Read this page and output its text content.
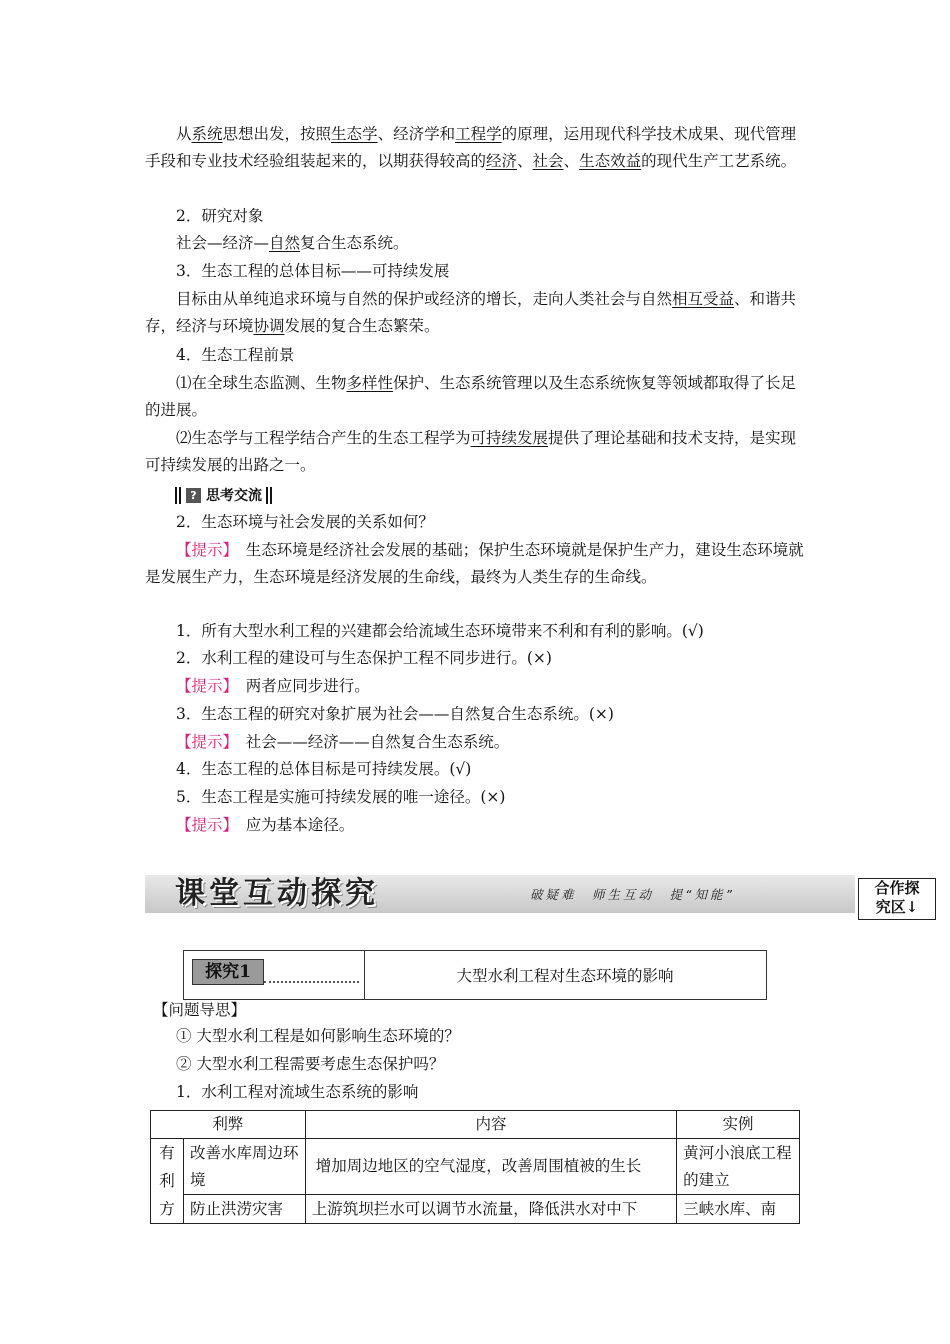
从系统思想出发，按照生态学、经济学和工程学的原理，运用现代科学技术成果、现代管理手段和专业技术经验组装起来的，以期获得较高的经济、社会、生态效益的现代生产工艺系统。

2．研究对象

社会—经济—自然复合生态系统。

3．生态工程的总体目标——可持续发展

目标由从单纯追求环境与自然的保护或经济的增长，走向人类社会与自然相互受益、和谐共存，经济与环境协调发展的复合生态繁荣。

4．生态工程前景

⑴在全球生态监测、生物多样性保护、生态系统管理以及生态系统恢复等领域都取得了长足的进展。

⑵生态学与工程学结合产生的生态工程学为可持续发展提供了理论基础和技术支持，是实现可持续发展的出路之一。

? 思考交流

2．生态环境与社会发展的关系如何？

【提示】　生态环境是经济社会发展的基础；保护生态环境就是保护生产力，建设生态环境就是发展生产力，生态环境是经济发展的生命线，最终为人类生存的生命线。

1．所有大型水利工程的兴建都会给流域生态环境带来不利和有利的影响。(√)

2．水利工程的建设可与生态保护工程不同步进行。(×)

【提示】　两者应同步进行。

3．生态工程的研究对象扩展为社会——自然复合生态系统。(×)

【提示】　社会——经济——自然复合生态系统。

4．生态工程的总体目标是可持续发展。(√)

5．生态工程是实施可持续发展的唯一途径。(×)

【提示】　应为基本途径。

课堂互动探究	破疑难　师生互动　提“知能”	合作探
究区↓
探究1	大型水利工程对生态环境的影响

【问题导思】

① 大型水利工程是如何影响生态环境的？

② 大型水利工程需要考虑生态保护吗？

1．水利工程对流域生态系统的影响

利弊		内容	实例
有利方	改善水库周边环境	增加周边地区的空气湿度，改善周围植被的生长	黄河小浪底工程的建立
	防止洪涝灾害	上游筑坝拦水可以调节水流量，降低洪水对中下	三峡水库、南
